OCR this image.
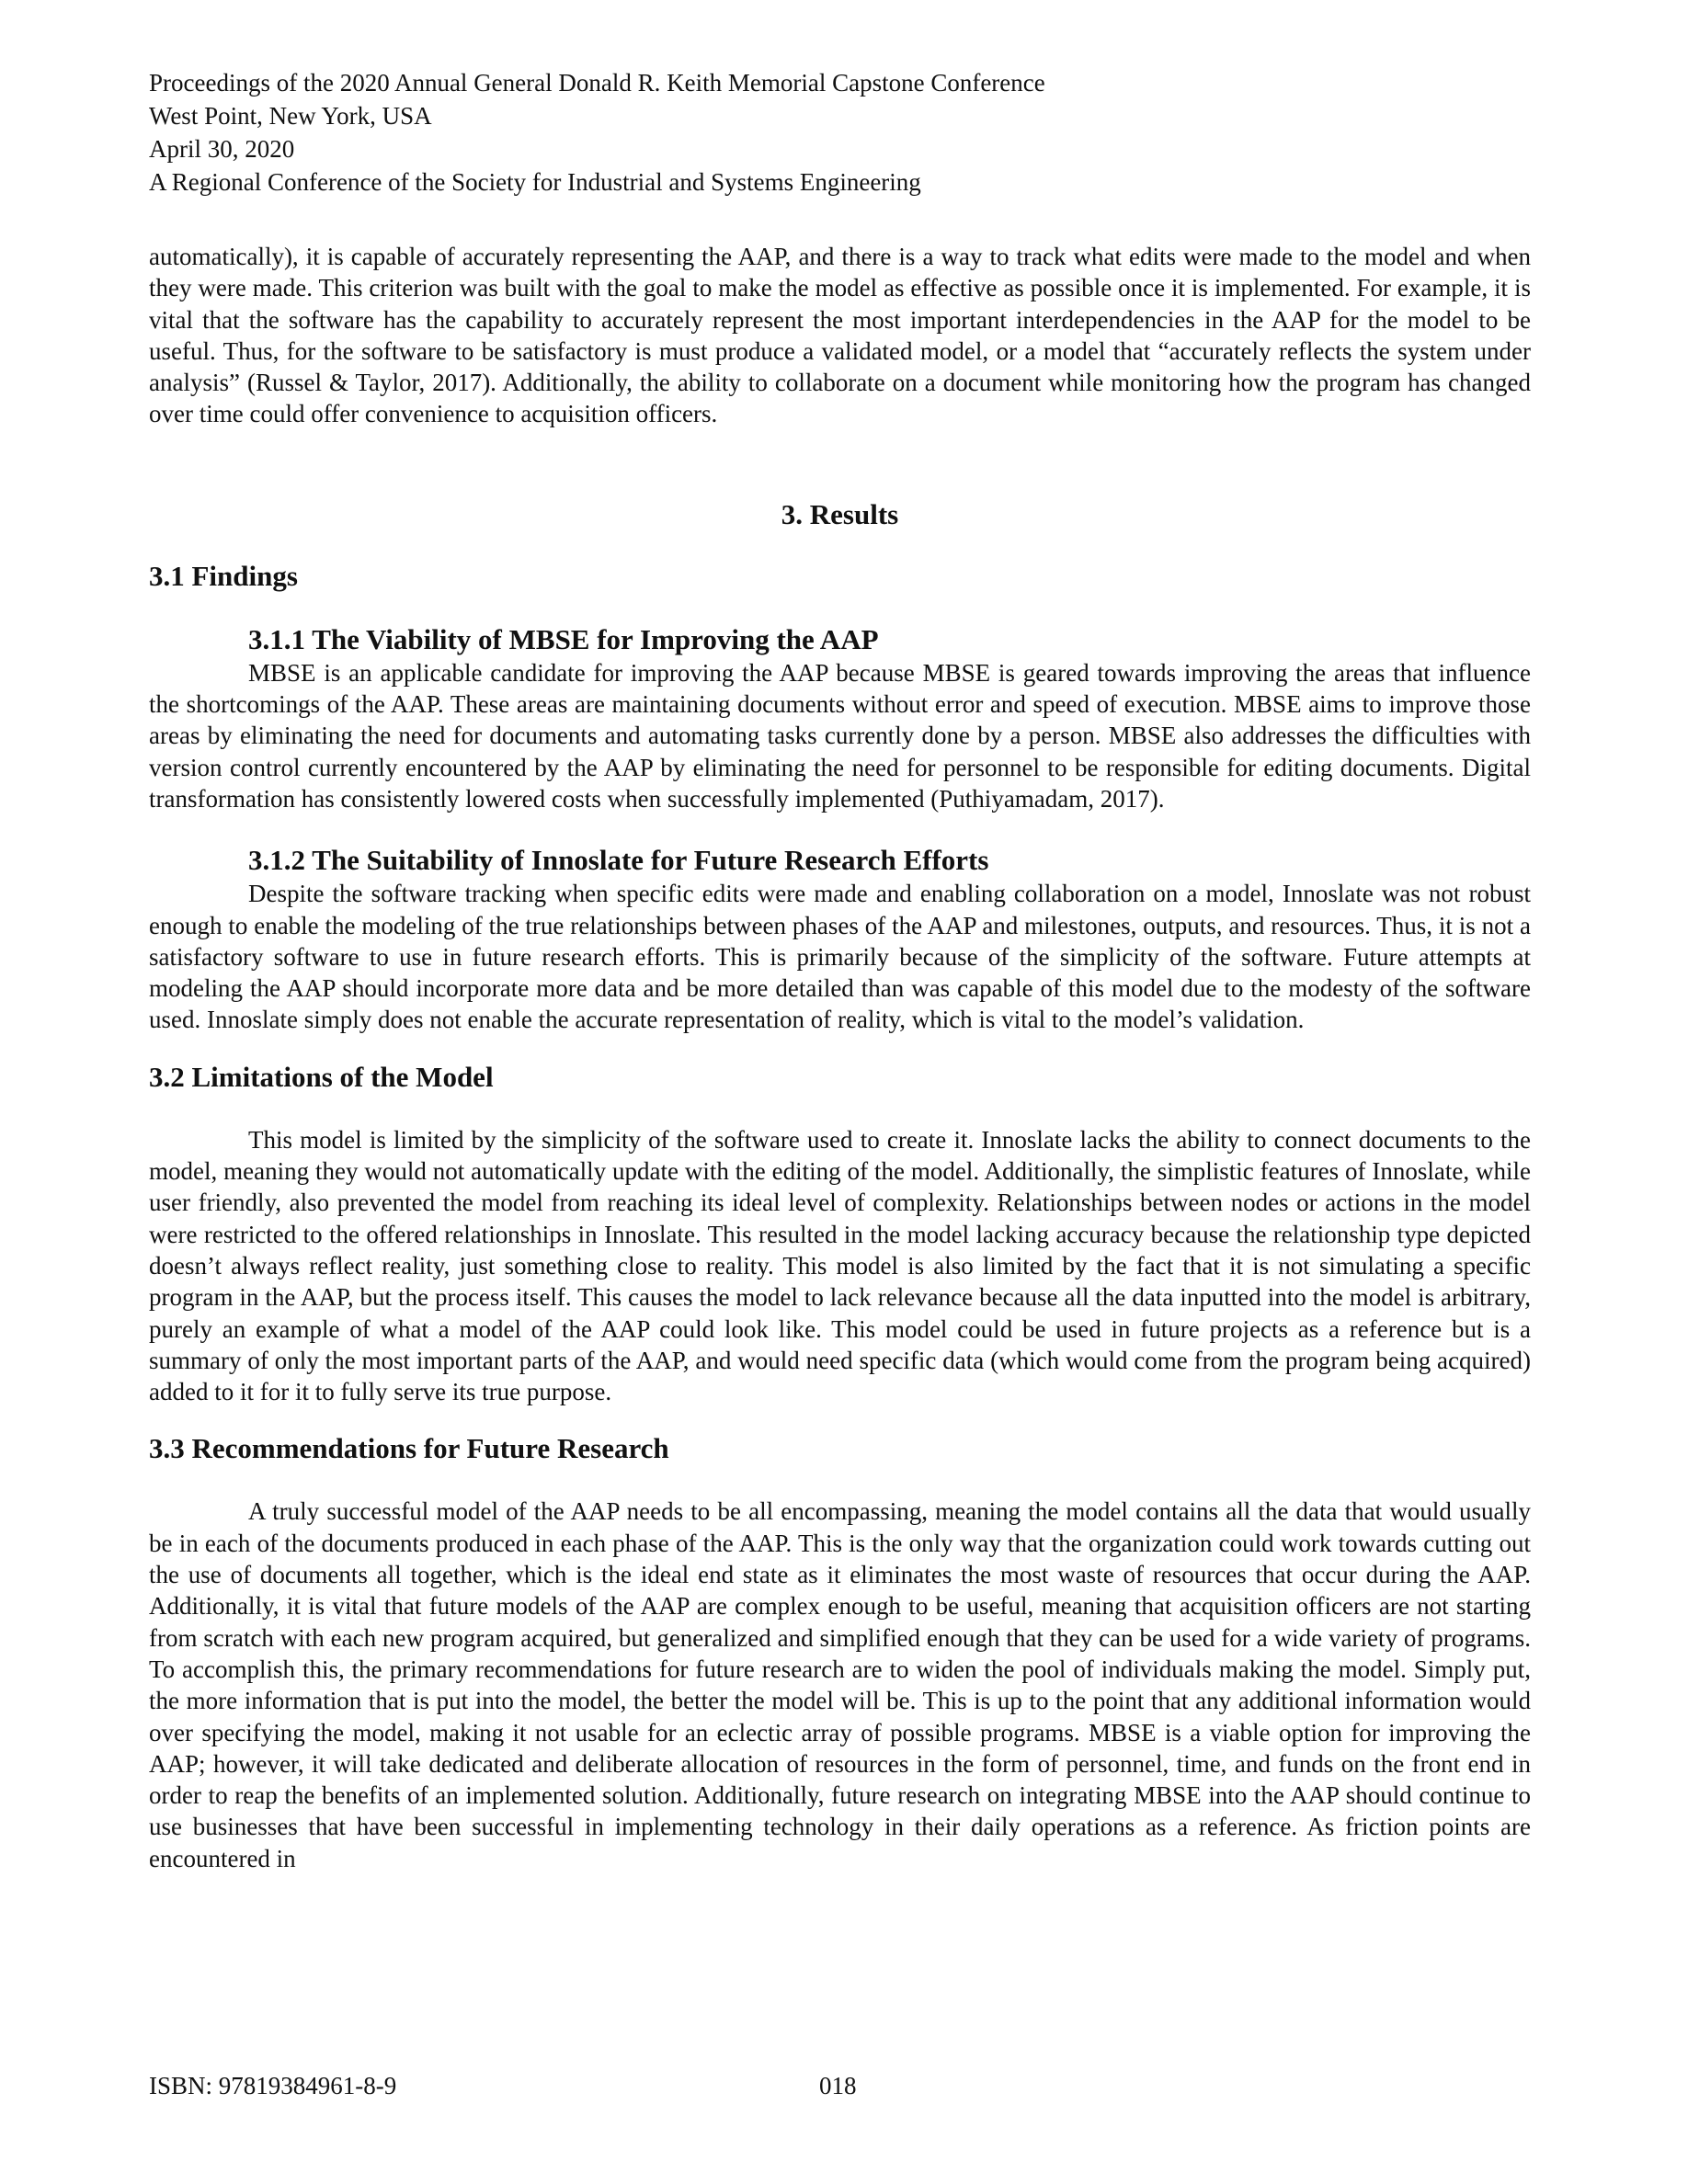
Proceedings of the 2020 Annual General Donald R. Keith Memorial Capstone Conference
West Point, New York, USA
April 30, 2020
A Regional Conference of the Society for Industrial and Systems Engineering

automatically), it is capable of accurately representing the AAP, and there is a way to track what edits were made to the model and when they were made. This criterion was built with the goal to make the model as effective as possible once it is implemented. For example, it is vital that the software has the capability to accurately represent the most important interdependencies in the AAP for the model to be useful. Thus, for the software to be satisfactory is must produce a validated model, or a model that “accurately reflects the system under analysis” (Russel & Taylor, 2017). Additionally, the ability to collaborate on a document while monitoring how the program has changed over time could offer convenience to acquisition officers.

3. Results
3.1 Findings
3.1.1 The Viability of MBSE for Improving the AAP

MBSE is an applicable candidate for improving the AAP because MBSE is geared towards improving the areas that influence the shortcomings of the AAP. These areas are maintaining documents without error and speed of execution. MBSE aims to improve those areas by eliminating the need for documents and automating tasks currently done by a person. MBSE also addresses the difficulties with version control currently encountered by the AAP by eliminating the need for personnel to be responsible for editing documents. Digital transformation has consistently lowered costs when successfully implemented (Puthiyamadam, 2017).

3.1.2 The Suitability of Innoslate for Future Research Efforts

Despite the software tracking when specific edits were made and enabling collaboration on a model, Innoslate was not robust enough to enable the modeling of the true relationships between phases of the AAP and milestones, outputs, and resources. Thus, it is not a satisfactory software to use in future research efforts. This is primarily because of the simplicity of the software. Future attempts at modeling the AAP should incorporate more data and be more detailed than was capable of this model due to the modesty of the software used. Innoslate simply does not enable the accurate representation of reality, which is vital to the model’s validation.

3.2 Limitations of the Model

This model is limited by the simplicity of the software used to create it. Innoslate lacks the ability to connect documents to the model, meaning they would not automatically update with the editing of the model. Additionally, the simplistic features of Innoslate, while user friendly, also prevented the model from reaching its ideal level of complexity. Relationships between nodes or actions in the model were restricted to the offered relationships in Innoslate. This resulted in the model lacking accuracy because the relationship type depicted doesn’t always reflect reality, just something close to reality. This model is also limited by the fact that it is not simulating a specific program in the AAP, but the process itself. This causes the model to lack relevance because all the data inputted into the model is arbitrary, purely an example of what a model of the AAP could look like. This model could be used in future projects as a reference but is a summary of only the most important parts of the AAP, and would need specific data (which would come from the program being acquired) added to it for it to fully serve its true purpose.

3.3 Recommendations for Future Research

A truly successful model of the AAP needs to be all encompassing, meaning the model contains all the data that would usually be in each of the documents produced in each phase of the AAP. This is the only way that the organization could work towards cutting out the use of documents all together, which is the ideal end state as it eliminates the most waste of resources that occur during the AAP. Additionally, it is vital that future models of the AAP are complex enough to be useful, meaning that acquisition officers are not starting from scratch with each new program acquired, but generalized and simplified enough that they can be used for a wide variety of programs. To accomplish this, the primary recommendations for future research are to widen the pool of individuals making the model. Simply put, the more information that is put into the model, the better the model will be. This is up to the point that any additional information would over specifying the model, making it not usable for an eclectic array of possible programs. MBSE is a viable option for improving the AAP; however, it will take dedicated and deliberate allocation of resources in the form of personnel, time, and funds on the front end in order to reap the benefits of an implemented solution. Additionally, future research on integrating MBSE into the AAP should continue to use businesses that have been successful in implementing technology in their daily operations as a reference. As friction points are encountered in

ISBN: 97819384961-8-9	018
